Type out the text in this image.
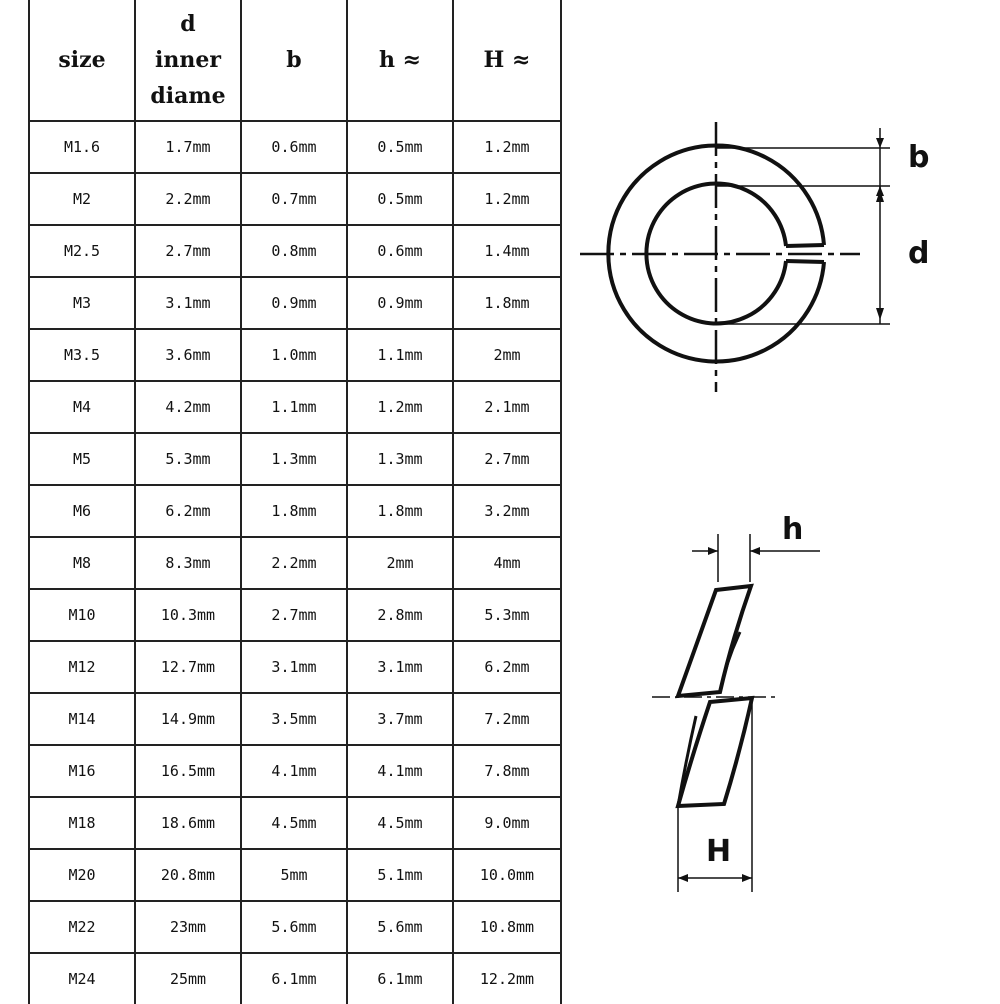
size	d
inner
diame	b	h ≈	H ≈
M1.6	1.7mm	0.6mm	0.5mm	1.2mm
M2	2.2mm	0.7mm	0.5mm	1.2mm
M2.5	2.7mm	0.8mm	0.6mm	1.4mm
M3	3.1mm	0.9mm	0.9mm	1.8mm
M3.5	3.6mm	1.0mm	1.1mm	2mm
M4	4.2mm	1.1mm	1.2mm	2.1mm
M5	5.3mm	1.3mm	1.3mm	2.7mm
M6	6.2mm	1.8mm	1.8mm	3.2mm
M8	8.3mm	2.2mm	2mm	4mm
M10	10.3mm	2.7mm	2.8mm	5.3mm
M12	12.7mm	3.1mm	3.1mm	6.2mm
M14	14.9mm	3.5mm	3.7mm	7.2mm
M16	16.5mm	4.1mm	4.1mm	7.8mm
M18	18.6mm	4.5mm	4.5mm	9.0mm
M20	20.8mm	5mm	5.1mm	10.0mm
M22	23mm	5.6mm	5.6mm	10.8mm
M24	25mm	6.1mm	6.1mm	12.2mm
b
d
h
H
